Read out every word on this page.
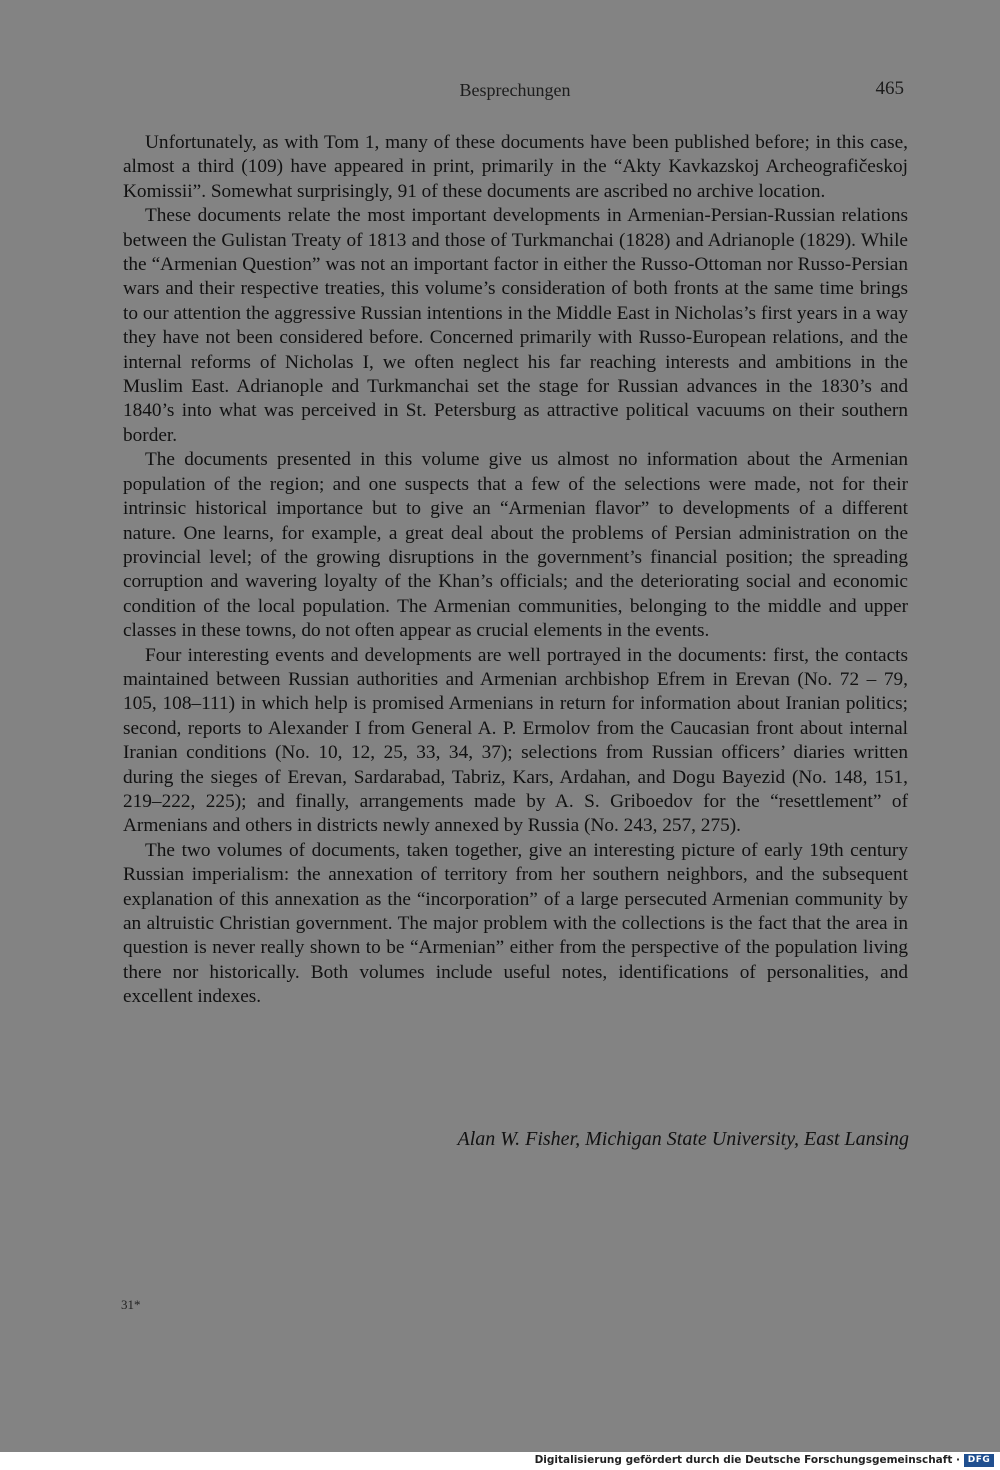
Besprechungen	465

Unfortunately, as with Tom 1, many of these documents have been published before; in this case, almost a third (109) have appeared in print, primarily in the “Akty Kavkazskoj Archeografičeskoj Komissii”. Somewhat surprisingly, 91 of these documents are ascribed no archive location.

These documents relate the most important developments in Armenian-Persian-Russian relations between the Gulistan Treaty of 1813 and those of Turkmanchai (1828) and Adrianople (1829). While the “Armenian Question” was not an important factor in either the Russo-Ottoman nor Russo-Persian wars and their respective treaties, this volume’s consideration of both fronts at the same time brings to our attention the aggressive Russian intentions in the Middle East in Nicholas’s first years in a way they have not been considered before. Concerned primarily with Russo-European relations, and the internal reforms of Nicholas I, we often neglect his far reaching interests and ambitions in the Muslim East. Adrianople and Turkmanchai set the stage for Russian advances in the 1830’s and 1840’s into what was perceived in St. Petersburg as attractive political vacuums on their southern border.

The documents presented in this volume give us almost no information about the Armenian population of the region; and one suspects that a few of the selections were made, not for their intrinsic historical importance but to give an “Armenian flavor” to developments of a different nature. One learns, for example, a great deal about the problems of Persian administration on the provincial level; of the growing disruptions in the government’s financial position; the spreading corruption and wavering loyalty of the Khan’s officials; and the deteriorating social and economic condition of the local population. The Armenian communities, belonging to the middle and upper classes in these towns, do not often appear as crucial elements in the events.

Four interesting events and developments are well portrayed in the documents: first, the contacts maintained between Russian authorities and Armenian archbishop Efrem in Erevan (No. 72 – 79, 105, 108–111) in which help is promised Armenians in return for information about Iranian politics; second, reports to Alexander I from General A. P. Ermolov from the Caucasian front about internal Iranian conditions (No. 10, 12, 25, 33, 34, 37); selections from Russian officers’ diaries written during the sieges of Erevan, Sardarabad, Tabriz, Kars, Ardahan, and Dogu Bayezid (No. 148, 151, 219–222, 225); and finally, arrangements made by A. S. Griboedov for the “resettlement” of Armenians and others in districts newly annexed by Russia (No. 243, 257, 275).

The two volumes of documents, taken together, give an interesting picture of early 19th century Russian imperialism: the annexation of territory from her southern neighbors, and the subsequent explanation of this annexation as the “incorporation” of a large persecuted Armenian community by an altruistic Christian government. The major problem with the collections is the fact that the area in question is never really shown to be “Armenian” either from the perspective of the population living there nor historically. Both volumes include useful notes, identifications of personalities, and excellent indexes.

Alan W. Fisher, Michigan State University, East Lansing
31*
Digitalisierung gefördert durch die Deutsche Forschungsgemeinschaft · DFG
